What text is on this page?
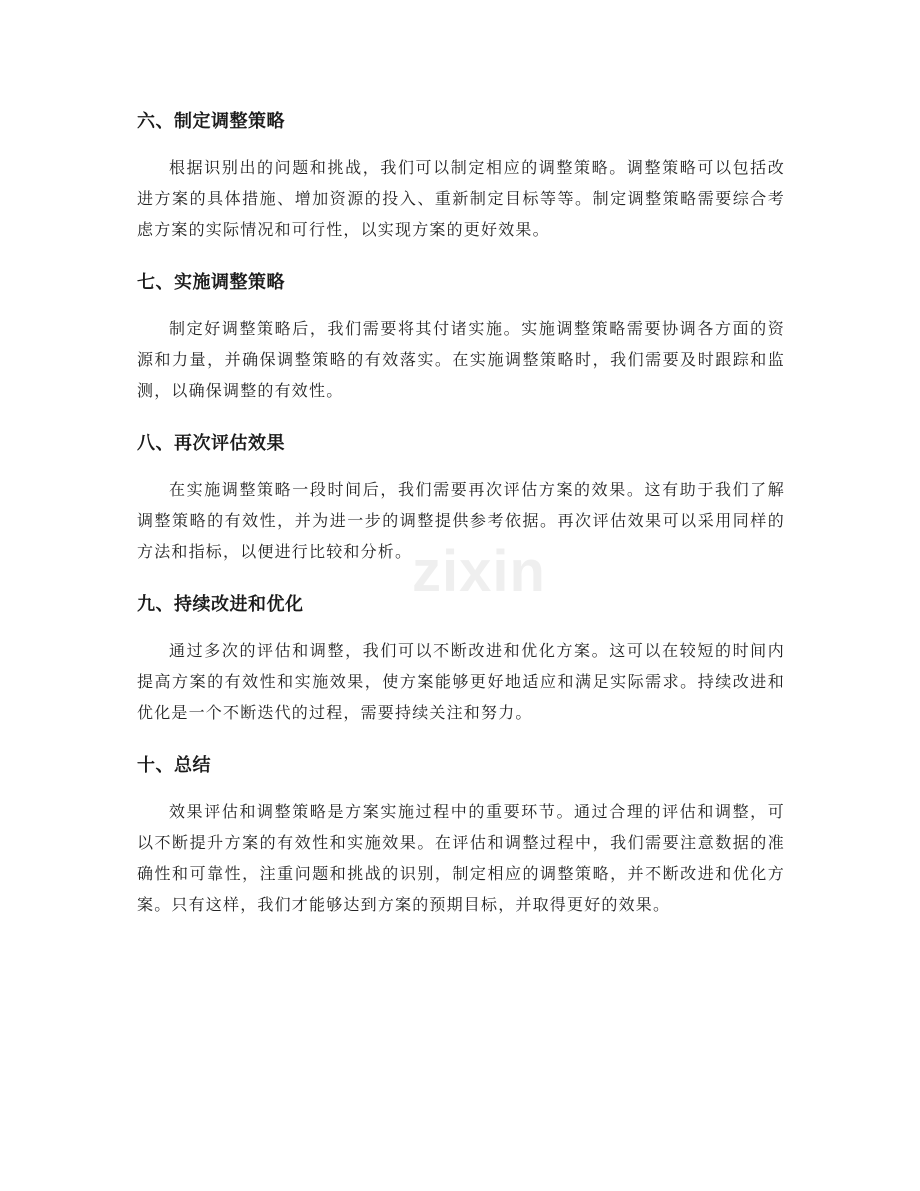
六、制定调整策略

根据识别出的问题和挑战，我们可以制定相应的调整策略。调整策略可以包括改进方案的具体措施、增加资源的投入、重新制定目标等等。制定调整策略需要综合考虑方案的实际情况和可行性，以实现方案的更好效果。

七、实施调整策略

制定好调整策略后，我们需要将其付诸实施。实施调整策略需要协调各方面的资源和力量，并确保调整策略的有效落实。在实施调整策略时，我们需要及时跟踪和监测，以确保调整的有效性。

八、再次评估效果

在实施调整策略一段时间后，我们需要再次评估方案的效果。这有助于我们了解调整策略的有效性，并为进一步的调整提供参考依据。再次评估效果可以采用同样的方法和指标，以便进行比较和分析。

九、持续改进和优化

通过多次的评估和调整，我们可以不断改进和优化方案。这可以在较短的时间内提高方案的有效性和实施效果，使方案能够更好地适应和满足实际需求。持续改进和优化是一个不断迭代的过程，需要持续关注和努力。

十、总结

效果评估和调整策略是方案实施过程中的重要环节。通过合理的评估和调整，可以不断提升方案的有效性和实施效果。在评估和调整过程中，我们需要注意数据的准确性和可靠性，注重问题和挑战的识别，制定相应的调整策略，并不断改进和优化方案。只有这样，我们才能够达到方案的预期目标，并取得更好的效果。

zixin
